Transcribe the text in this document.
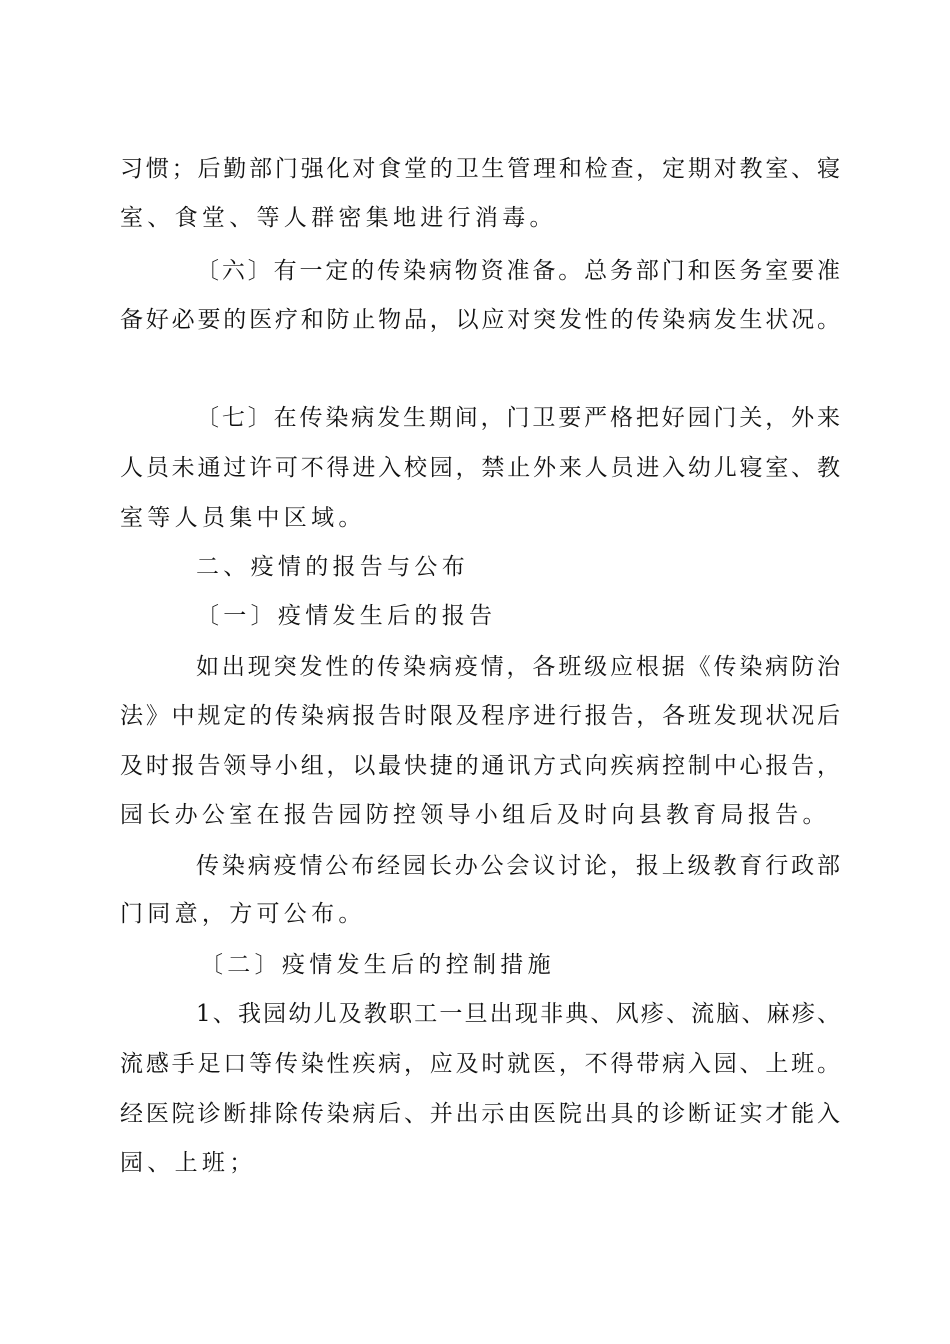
习惯；后勤部门强化对食堂的卫生管理和检查，定期对教室、寝
室、食堂、等人群密集地进行消毒。
〔六〕有一定的传染病物资准备。总务部门和医务室要准
备好必要的医疗和防止物品，以应对突发性的传染病发生状况。
〔七〕在传染病发生期间，门卫要严格把好园门关，外来
人员未通过许可不得进入校园，禁止外来人员进入幼儿寝室、教
室等人员集中区域。
二、疫情的报告与公布
〔一〕疫情发生后的报告
如出现突发性的传染病疫情，各班级应根据《传染病防治
法》中规定的传染病报告时限及程序进行报告，各班发现状况后
及时报告领导小组，以最快捷的通讯方式向疾病控制中心报告，
园长办公室在报告园防控领导小组后及时向县教育局报告。
传染病疫情公布经园长办公会议讨论，报上级教育行政部
门同意，方可公布。
〔二〕疫情发生后的控制措施
1、我园幼儿及教职工一旦出现非典、风疹、流脑、麻疹、
流感手足口等传染性疾病，应及时就医，不得带病入园、上班。
经医院诊断排除传染病后、并出示由医院出具的诊断证实才能入
园、上班；
